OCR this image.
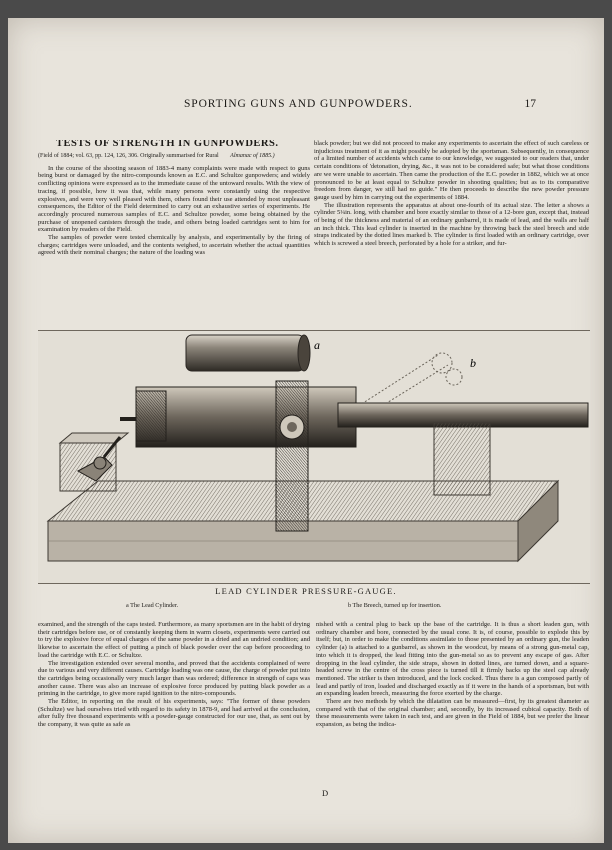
SPORTING GUNS AND GUNPOWDERS.	17
TESTS OF STRENGTH IN GUNPOWDERS.
(Field of 1884; vol. 63, pp. 124, 126, 306. Originally summarised for Rural Almanac of 1885.)

In the course of the shooting season of 1883-4 many complaints were made with respect to guns being burst or damaged by the nitro-compounds known as E.C. and Schultze gunpowders; and widely conflicting opinions were expressed as to the immediate cause of the untoward results. With the view of tracing, if possible, how it was that, while many persons were constantly using the respective explosives, and were very well pleased with them, others found their use attended by most unpleasant consequences, the Editor of the Field determined to carry out an exhaustive series of experiments. He accordingly procured numerous samples of E.C. and Schultze powder, some being obtained by the purchase of unopened canisters through the trade, and others being loaded cartridges sent to him for examination by readers of the Field.

The samples of powder were tested chemically by analysis, and experimentally by the firing of charges; cartridges were unloaded, and the contents weighed, to ascertain whether the actual quantities agreed with their nominal charges; the nature of the loading was

black powder; but we did not proceed to make any experiments to ascertain the effect of such careless or injudicious treatment of it as might possibly be adopted by the sportsman. Subsequently, in consequence of a limited number of accidents which came to our knowledge, we suggested to our readers that, under certain conditions of 'detonation, drying, &c., it was not to be considered safe; but what those conditions are we were unable to ascertain. Then came the production of the E.C. powder in 1882, which we at once pronounced to be at least equal to Schultze powder in shooting qualities; but as to its comparative freedom from danger, we still had no guide." He then proceeds to describe the new powder pressure gauge used by him in carrying out the experiments of 1884.

The illustration represents the apparatus at about one-fourth of its actual size. The letter a shows a cylinder 5¼in. long, with chamber and bore exactly similar to those of a 12-bore gun, except that, instead of being of the thickness and material of an ordinary gunbarrel, it is made of lead, and the walls are half an inch thick. This lead cylinder is inserted in the machine by throwing back the steel breech and side straps indicated by the dotted lines marked b. The cylinder is first loaded with an ordinary cartridge, over which is screwed a steel breech, perforated by a hole for a striker, and fur-

a
b
LEAD CYLINDER PRESSURE-GAUGE.
a The Lead Cylinder.	b The Breech, turned up for insertion.

examined, and the strength of the caps tested. Furthermore, as many sportsmen are in the habit of drying their cartridges before use, or of constantly keeping them in warm closets, experiments were carried out to try the explosive force of equal charges of the same powder in a dried and an undried condition; and likewise to ascertain the effect of putting a pinch of black powder over the cap before proceeding to load the cartridge with E.C. or Schultze.

The investigation extended over several months, and proved that the accidents complained of were due to various and very different causes. Cartridge loading was one cause, the charge of powder put into the cartridges being occasionally very much larger than was ordered; difference in strength of caps was another cause. There was also an increase of explosive force produced by putting black powder as a priming in the cartridge, to give more rapid ignition to the nitro-compounds.

The Editor, in reporting on the result of his experiments, says: "The former of these powders (Schultze) we had ourselves tried with regard to its safety in 1878-9, and had arrived at the conclusion, after fully five thousand experiments with a powder-gauge constructed for our use, that, as sent out by the company, it was quite as safe as

nished with a central plug to back up the base of the cartridge. It is thus a short leaden gun, with ordinary chamber and bore, connected by the usual cone. It is, of course, possible to explode this by itself; but, in order to make the conditions assimilate to those presented by an ordinary gun, the leaden cylinder (a) is attached to a gunbarrel, as shown in the woodcut, by means of a strong gun-metal cap, into which it is dropped, the lead fitting into the gun-metal so as to prevent any escape of gas. After dropping in the lead cylinder, the side straps, shown in dotted lines, are turned down, and a square-headed screw in the centre of the cross piece is turned till it firmly backs up the steel cap already mentioned. The striker is then introduced, and the lock cocked. Thus there is a gun composed partly of lead and partly of iron, loaded and discharged exactly as if it were in the hands of a sportsman, but with an expanding leaden breech, measuring the force exerted by the charge.

There are two methods by which the dilatation can be measured—first, by its greatest diameter as compared with that of the original chamber; and, secondly, by its increased cubical capacity. Both of these measurements were taken in each test, and are given in the Field of 1884, but we prefer the linear expansion, as being the indica-

D
